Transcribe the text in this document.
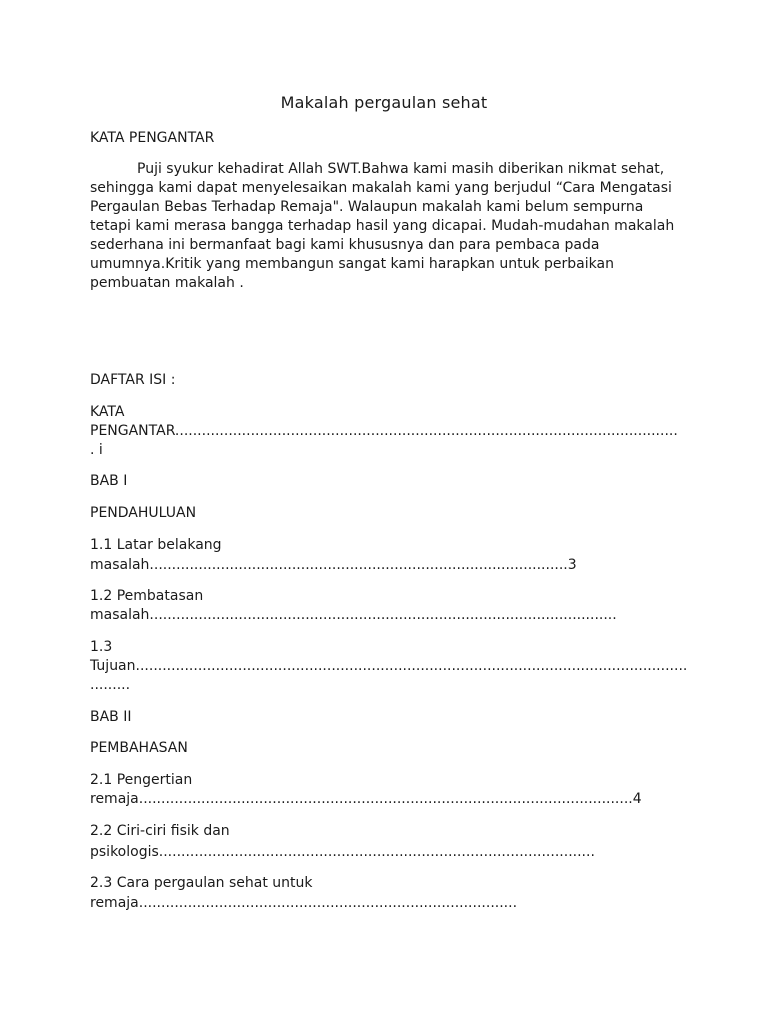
Makalah pergaulan sehat
KATA PENGANTAR
Puji syukur kehadirat Allah SWT.Bahwa kami masih diberikan nikmat sehat,
sehingga kami dapat menyelesaikan makalah kami yang berjudul “Cara Mengatasi
Pergaulan Bebas Terhadap Remaja". Walaupun makalah kami belum sempurna
tetapi kami merasa bangga terhadap hasil yang dicapai. Mudah-mudahan makalah
sederhana ini bermanfaat bagi kami khususnya dan para pembaca pada
umumnya.Kritik yang membangun sangat kami harapkan untuk perbaikan
pembuatan makalah .
DAFTAR ISI :
KATA
PENGANTAR.................................................................................................................
. i
BAB I
PENDAHULUAN
1.1 Latar belakang
masalah..............................................................................................3
1.2 Pembatasan
masalah.........................................................................................................
1.3
Tujuan............................................................................................................................
.........
BAB II
PEMBAHASAN
2.1 Pengertian
remaja...............................................................................................................4
2.2 Ciri-ciri fisik dan
psikologis..................................................................................................
2.3 Cara pergaulan sehat untuk
remaja.....................................................................................
